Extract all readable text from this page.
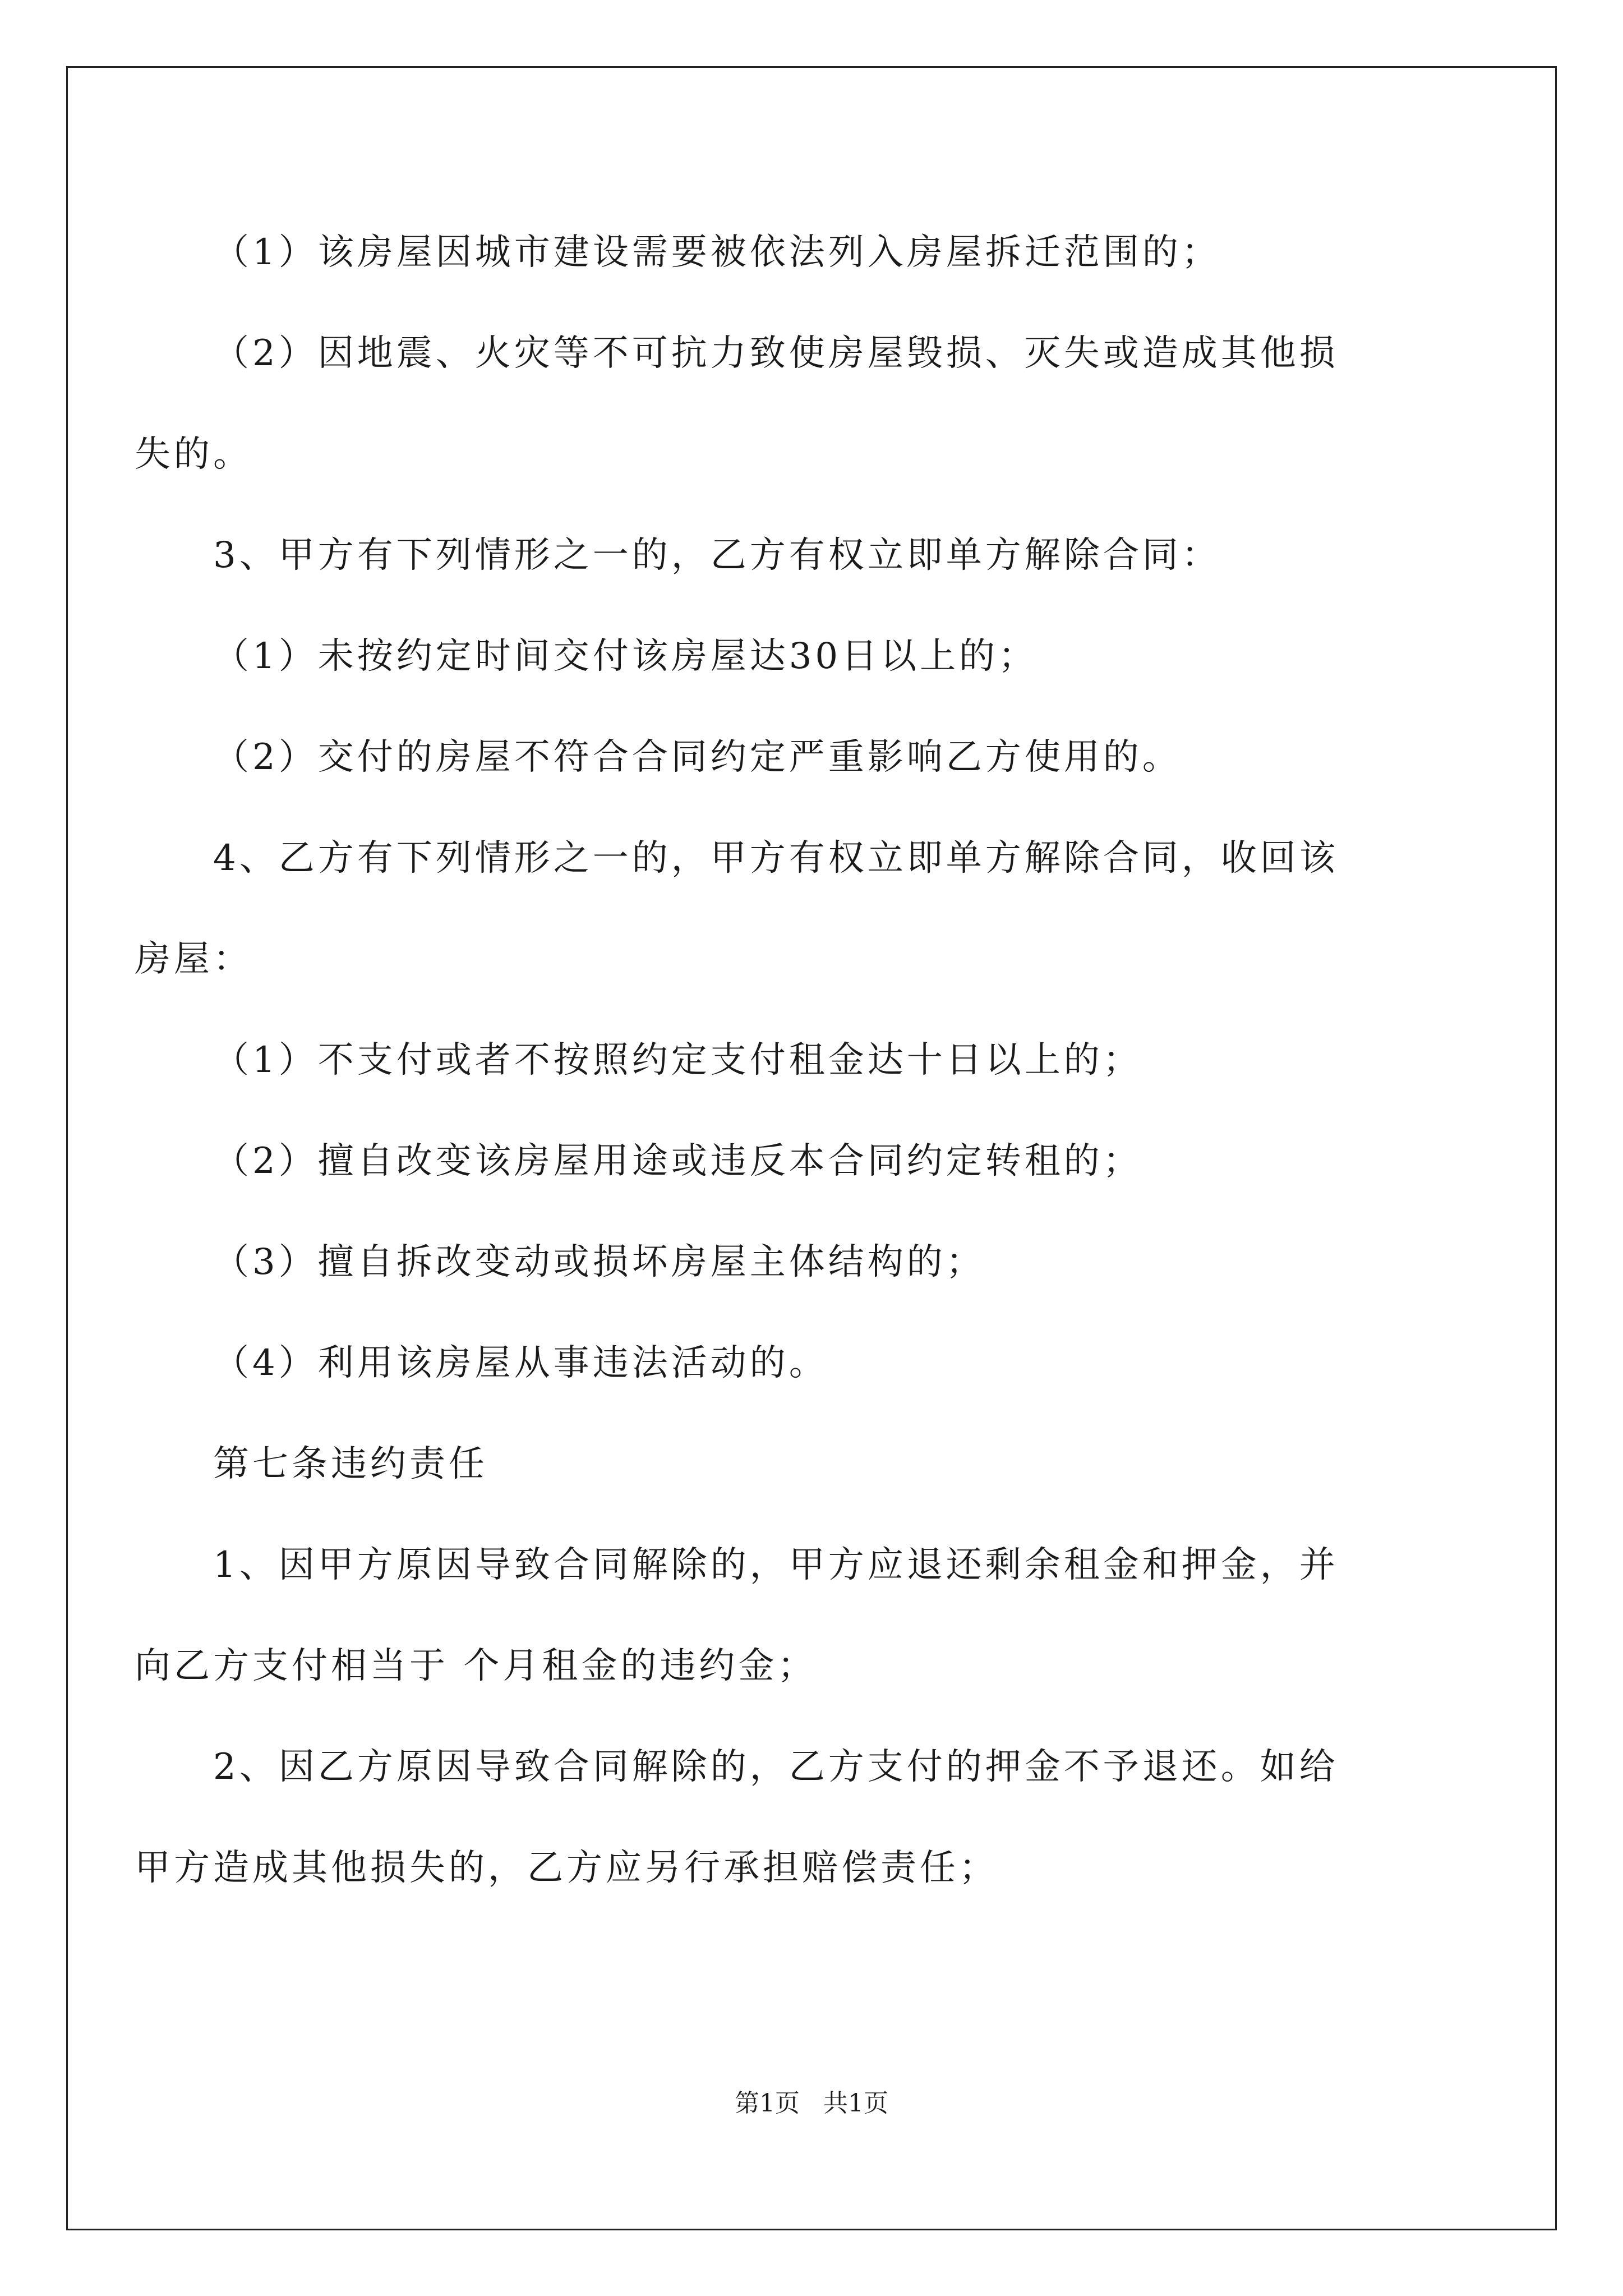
（1）该房屋因城市建设需要被依法列入房屋拆迁范围的；
（2）因地震、火灾等不可抗力致使房屋毁损、灭失或造成其他损
失的。
3、甲方有下列情形之一的，乙方有权立即单方解除合同：
（1）未按约定时间交付该房屋达30日以上的；
（2）交付的房屋不符合合同约定严重影响乙方使用的。
4、乙方有下列情形之一的，甲方有权立即单方解除合同，收回该
房屋：
（1）不支付或者不按照约定支付租金达十日以上的；
（2）擅自改变该房屋用途或违反本合同约定转租的；
（3）擅自拆改变动或损坏房屋主体结构的；
（4）利用该房屋从事违法活动的。
第七条违约责任
1、因甲方原因导致合同解除的，甲方应退还剩余租金和押金，并
向乙方支付相当于 个月租金的违约金；
2、因乙方原因导致合同解除的，乙方支付的押金不予退还。如给
甲方造成其他损失的，乙方应另行承担赔偿责任；
第1页   共1页
